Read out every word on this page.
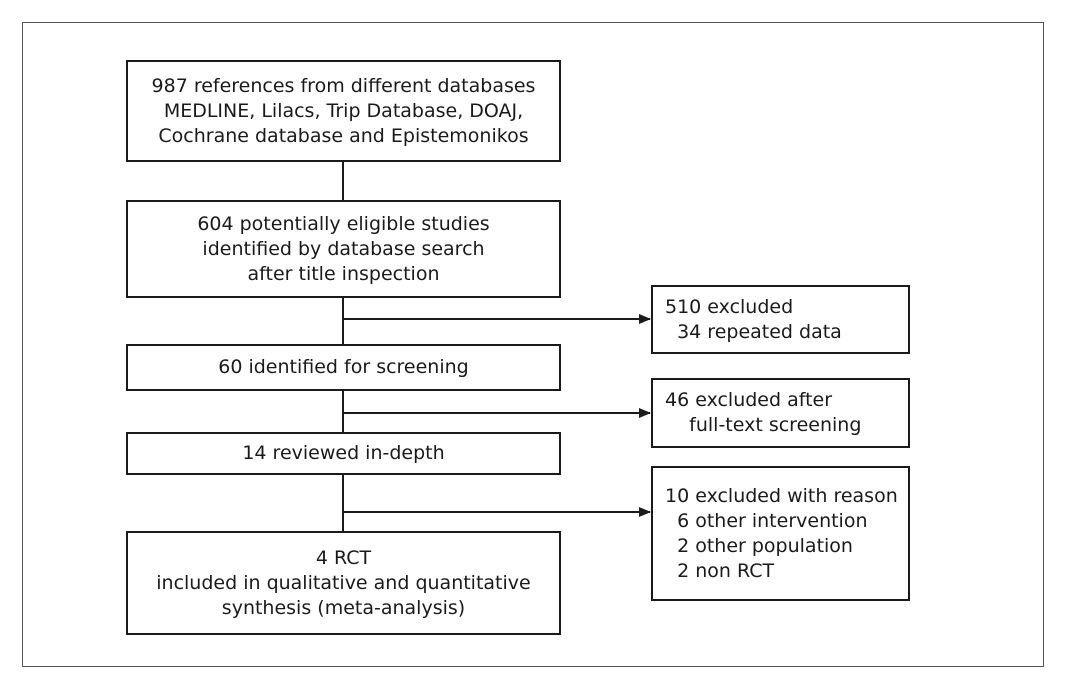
987 references from different databases
MEDLINE, Lilacs, Trip Database, DOAJ,
Cochrane database and Epistemonikos
604 potentially eligible studies
identified by database search
after title inspection
60 identified for screening
14 reviewed in-depth
4 RCT
included in qualitative and quantitative
synthesis (meta-analysis)
510 excluded
34 repeated data
46 excluded after
full-text screening
10 excluded with reason
6 other intervention
2 other population
2 non RCT
